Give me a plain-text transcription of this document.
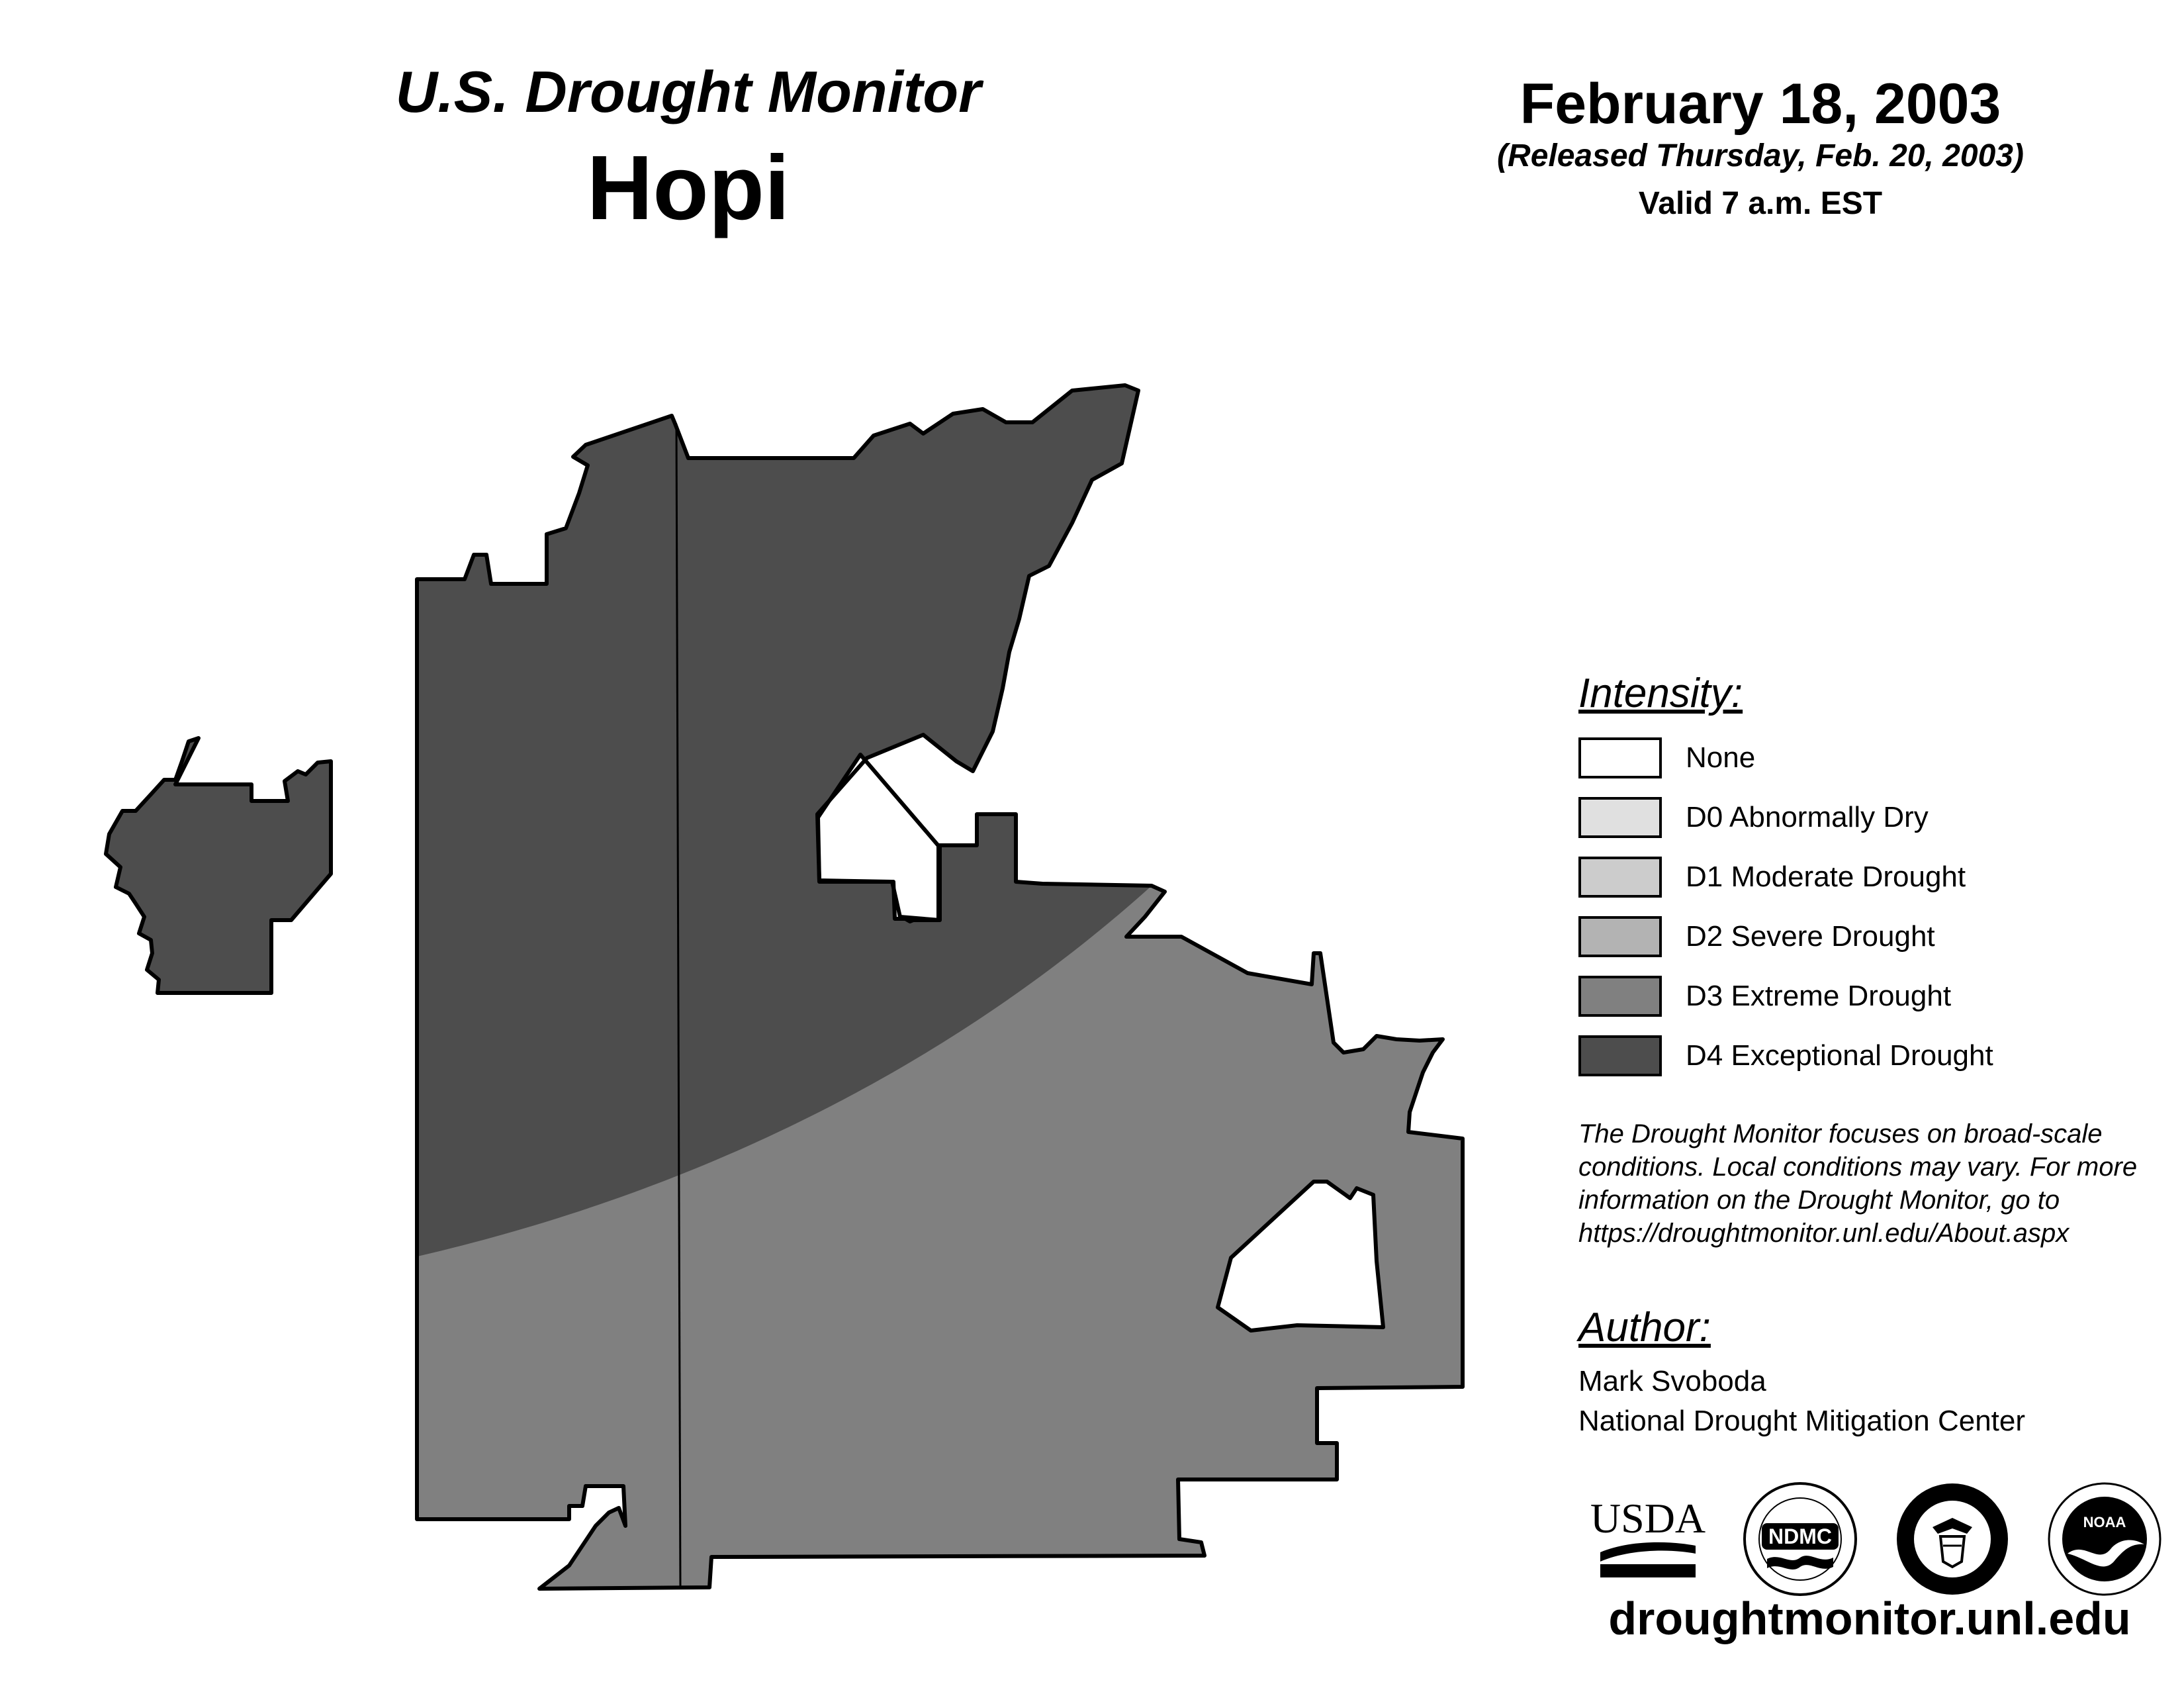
U.S. Drought Monitor
Hopi
February 18, 2003
(Released Thursday, Feb. 20, 2003)
Valid 7 a.m. EST
Intensity:
None
D0 Abnormally Dry
D1 Moderate Drought
D2 Severe Drought
D3 Extreme Drought
D4 Exceptional Drought
The Drought Monitor focuses on broad-scale
conditions. Local conditions may vary. For more
information on the Drought Monitor, go to
https://droughtmonitor.unl.edu/About.aspx
Author:
Mark Svoboda
National Drought Mitigation Center
USDA	NDMC
NOAA
droughtmonitor.unl.edu
